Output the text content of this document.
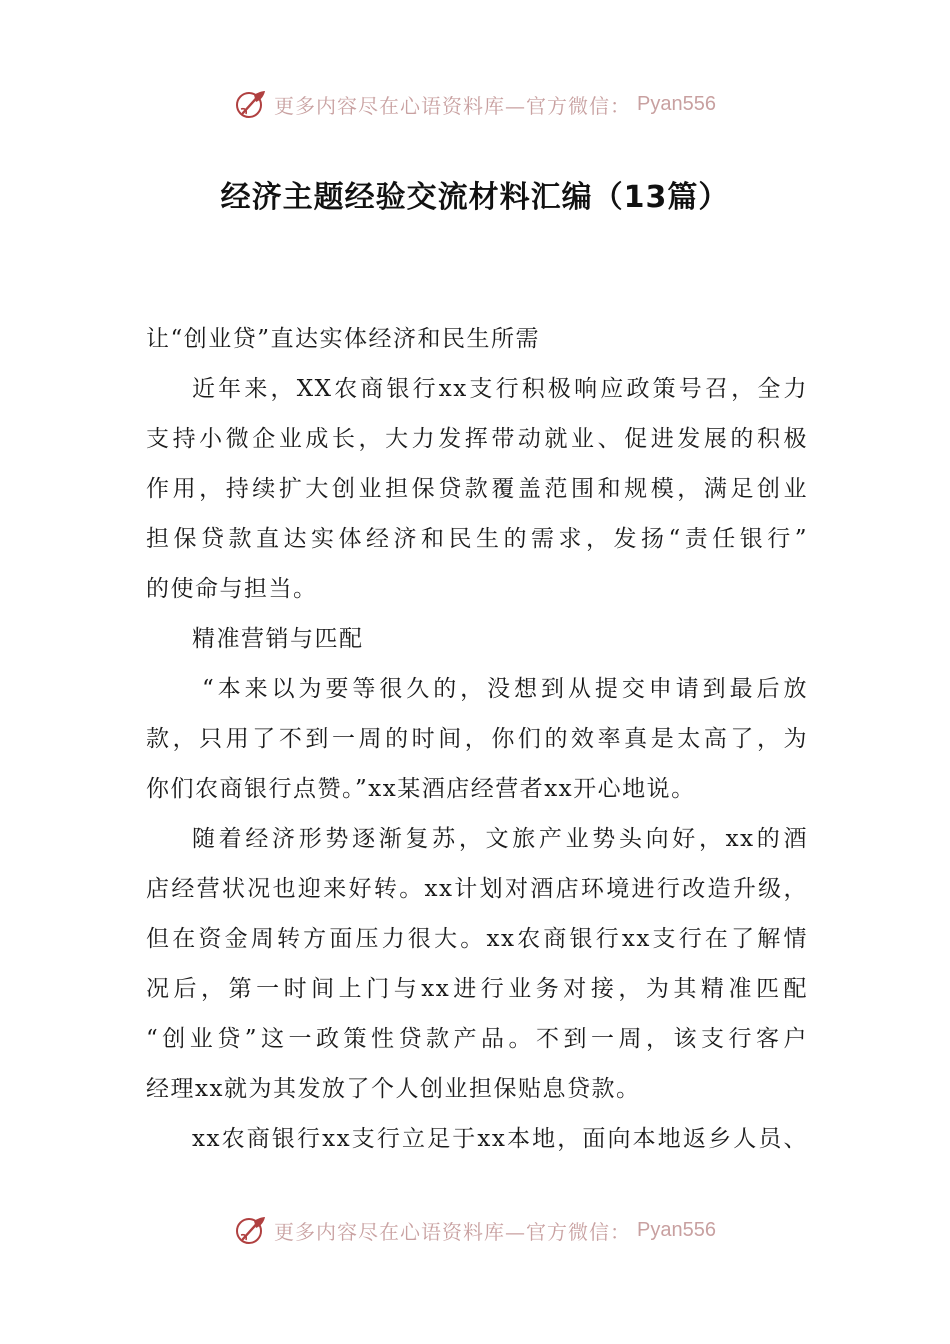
更多内容尽在心语资料库—官方微信： Pyan556
经济主题经验交流材料汇编（13篇）
让“创业贷”直达实体经济和民生所需
近年来，XX农商银行xx支行积极响应政策号召，全力
支持小微企业成长，大力发挥带动就业、促进发展的积极
作用，持续扩大创业担保贷款覆盖范围和规模，满足创业
担保贷款直达实体经济和民生的需求，发扬“责任银行”
的使命与担当。
精准营销与匹配
“本来以为要等很久的，没想到从提交申请到最后放
款，只用了不到一周的时间，你们的效率真是太高了，为
你们农商银行点赞。”xx某酒店经营者xx开心地说。
随着经济形势逐渐复苏，文旅产业势头向好，xx的酒
店经营状况也迎来好转。xx计划对酒店环境进行改造升级，
但在资金周转方面压力很大。xx农商银行xx支行在了解情
况后，第一时间上门与xx进行业务对接，为其精准匹配
“创业贷”这一政策性贷款产品。不到一周，该支行客户
经理xx就为其发放了个人创业担保贴息贷款。
xx农商银行xx支行立足于xx本地，面向本地返乡人员、
更多内容尽在心语资料库—官方微信： Pyan556
